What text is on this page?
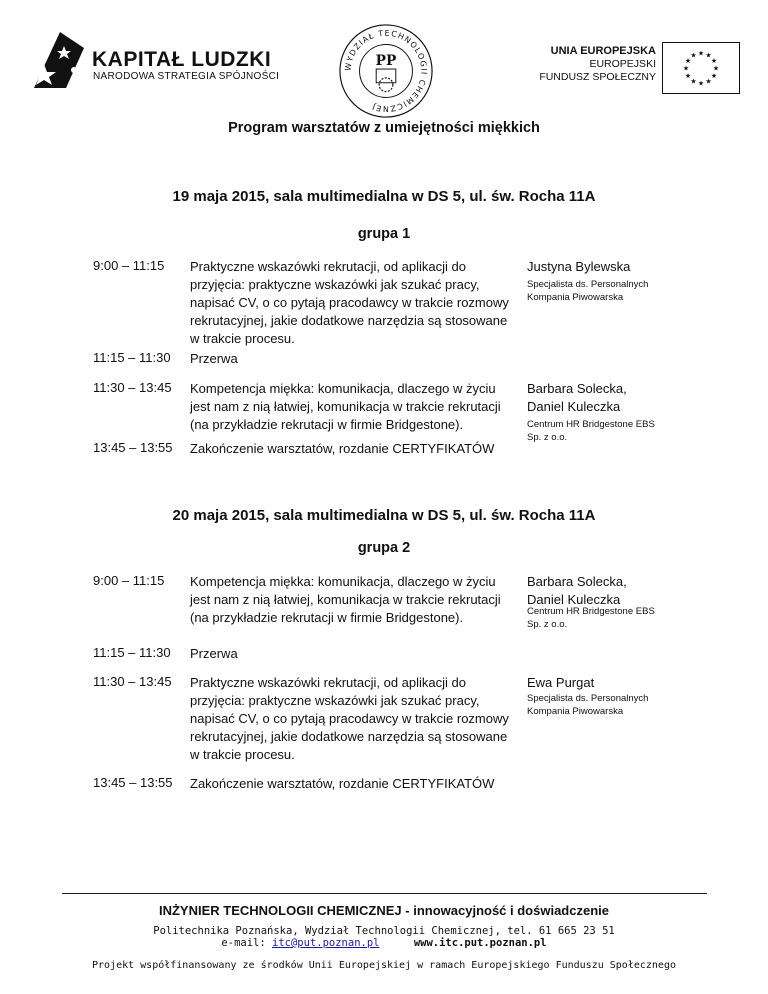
KAPITAŁ LUDZKI
NARODOWA STRATEGIA SPÓJNOŚCI
WYDZIAŁ TECHNOLOGII CHEMICZNEJ
PP
UNIA EUROPEJSKA
EUROPEJSKI
FUNDUSZ SPOŁECZNY
★ ★
★
★
★
★
★
★
★
★
★
★
Program warsztatów z umiejętności miękkich
19 maja 2015, sala multimedialna w DS 5, ul. św. Rocha 11A
grupa 1
9:00 – 11:15 Praktyczne wskazówki rekrutacji, od aplikacji do przyjęcia: praktyczne wskazówki jak szukać pracy, napisać CV, o co pytają pracodawcy w trakcie rozmowy rekrutacyjnej, jakie dodatkowe narzędzia są stosowane w trakcie procesu.
Justyna Bylewska
Specjalista ds. Personalnych
Kompania Piwowarska
11:15 – 11:30 Przerwa
11:30 – 13:45 Kompetencja miękka: komunikacja, dlaczego w życiu jest nam z nią łatwiej, komunikacja w trakcie rekrutacji (na przykładzie rekrutacji w firmie Bridgestone).
Barbara Solecka,
Daniel Kuleczka
Centrum HR Bridgestone EBS
Sp. z o.o.
13:45 – 13:55 Zakończenie warsztatów, rozdanie CERTYFIKATÓW
20 maja 2015, sala multimedialna w DS 5, ul. św. Rocha 11A
grupa 2
9:00 – 11:15 Kompetencja miękka: komunikacja, dlaczego w życiu jest nam z nią łatwiej, komunikacja w trakcie rekrutacji (na przykładzie rekrutacji w firmie Bridgestone).
Barbara Solecka,
Daniel Kuleczka
Centrum HR Bridgestone EBS
Sp. z o.o.
11:15 – 11:30 Przerwa
11:30 – 13:45 Praktyczne wskazówki rekrutacji, od aplikacji do przyjęcia: praktyczne wskazówki jak szukać pracy, napisać CV, o co pytają pracodawcy w trakcie rozmowy rekrutacyjnej, jakie dodatkowe narzędzia są stosowane w trakcie procesu.
Ewa Purgat
Specjalista ds. Personalnych
Kompania Piwowarska
13:45 – 13:55 Zakończenie warsztatów, rozdanie CERTYFIKATÓW
INŻYNIER TECHNOLOGII CHEMICZNEJ - innowacyjność i doświadczenie
Politechnika Poznańska, Wydział Technologii Chemicznej, tel. 61 665 23 51
e-mail: itc@put.poznan.pl	www.itc.put.poznan.pl
Projekt współfinansowany ze środków Unii Europejskiej w ramach Europejskiego Funduszu Społecznego
